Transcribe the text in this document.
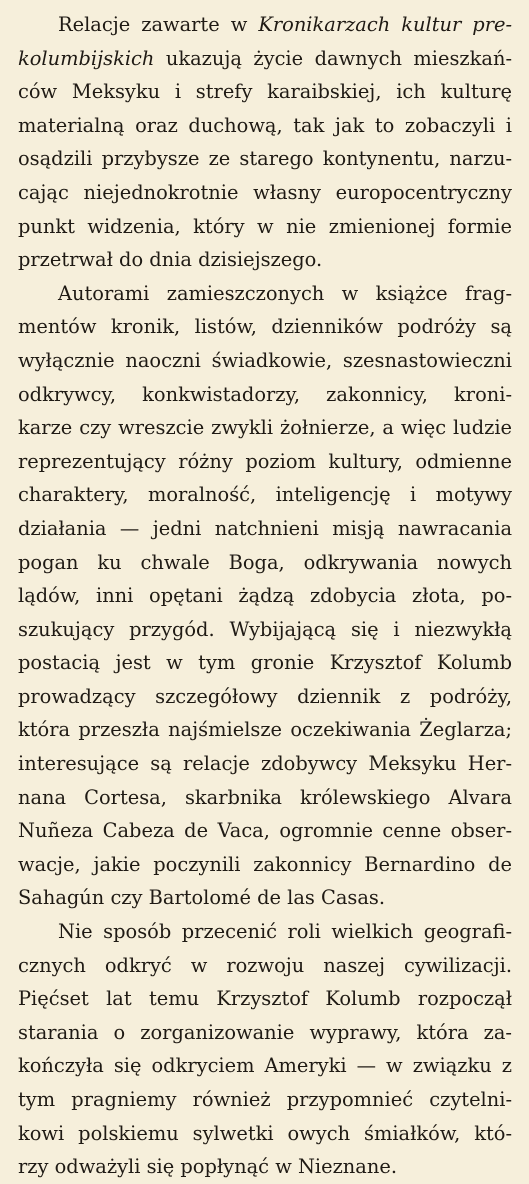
Relacje zawarte w Kronikarzach kultur pre-
kolumbijskich ukazują życie dawnych mieszkań-
ców Meksyku i strefy karaibskiej, ich kulturę
materialną oraz duchową, tak jak to zobaczyli i
osądzili przybysze ze starego kontynentu, narzu-
cając niejednokrotnie własny europocentryczny
punkt widzenia, który w nie zmienionej formie
przetrwał do dnia dzisiejszego.
Autorami zamieszczonych w książce frag-
mentów kronik, listów, dzienników podróży są
wyłącznie naoczni świadkowie, szesnastowieczni
odkrywcy, konkwistadorzy, zakonnicy, kroni-
karze czy wreszcie zwykli żołnierze, a więc ludzie
reprezentujący różny poziom kultury, odmienne
charaktery, moralność, inteligencję i motywy
działania — jedni natchnieni misją nawracania
pogan ku chwale Boga, odkrywania nowych
lądów, inni opętani żądzą zdobycia złota, po-
szukujący przygód. Wybijającą się i niezwykłą
postacią jest w tym gronie Krzysztof Kolumb
prowadzący szczegółowy dziennik z podróży,
która przeszła najśmielsze oczekiwania Żeglarza;
interesujące są relacje zdobywcy Meksyku Her-
nana Cortesa, skarbnika królewskiego Alvara
Nuñeza Cabeza de Vaca, ogromnie cenne obser-
wacje, jakie poczynili zakonnicy Bernardino de
Sahagún czy Bartolomé de las Casas.
Nie sposób przecenić roli wielkich geografi-
cznych odkryć w rozwoju naszej cywilizacji.
Pięćset lat temu Krzysztof Kolumb rozpoczął
starania o zorganizowanie wyprawy, która za-
kończyła się odkryciem Ameryki — w związku z
tym pragniemy również przypomnieć czytelni-
kowi polskiemu sylwetki owych śmiałków, któ-
rzy odważyli się popłynąć w Nieznane.
